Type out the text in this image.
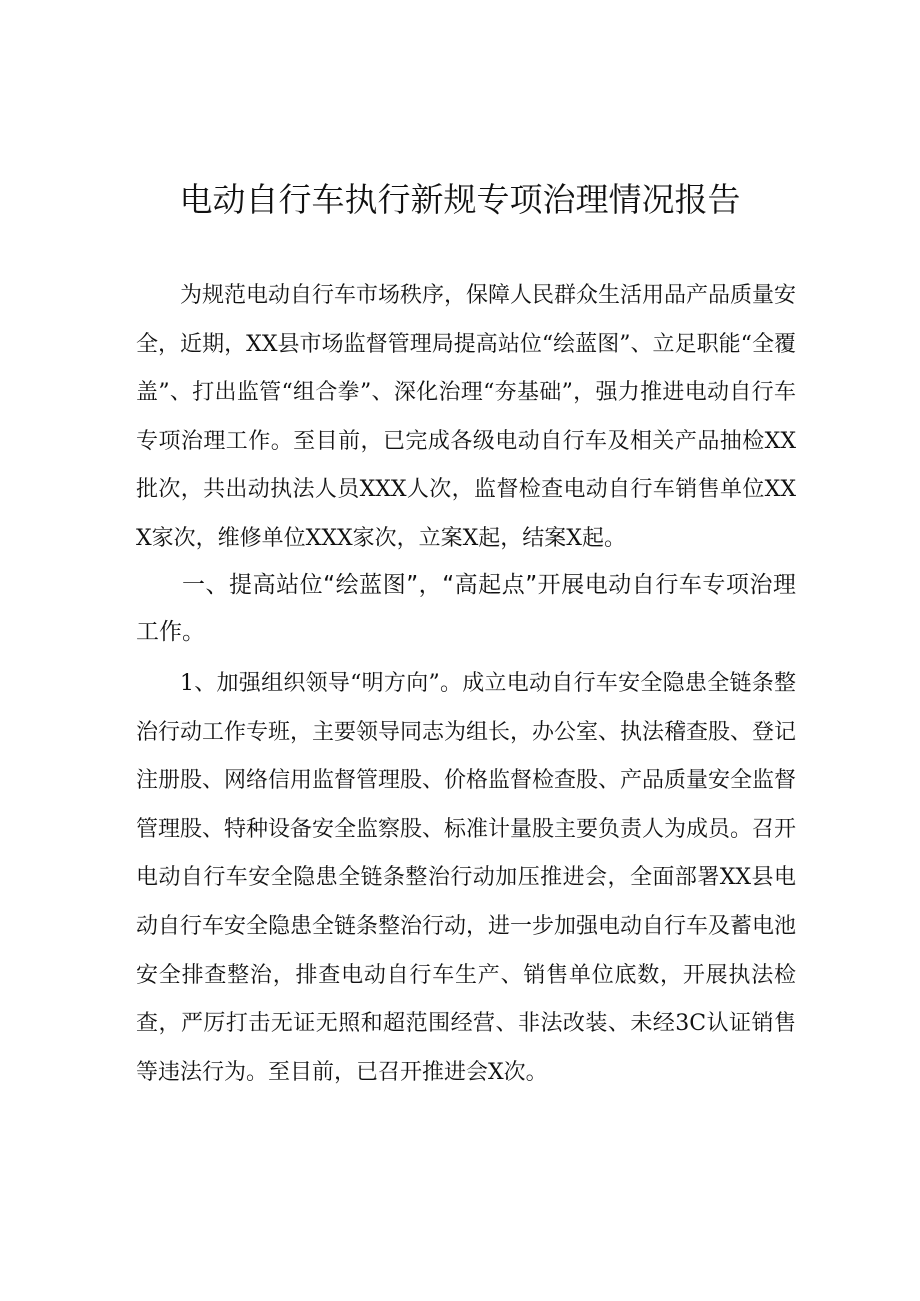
电动自行车执行新规专项治理情况报告

为规范电动自行车市场秩序，保障人民群众生活用品产品质量安全，近期，XX县市场监督管理局提高站位“绘蓝图”、立足职能“全覆盖”、打出监管“组合拳”、深化治理“夯基础”，强力推进电动自行车专项治理工作。至目前，已完成各级电动自行车及相关产品抽检XX批次，共出动执法人员XXX人次，监督检查电动自行车销售单位XXX家次，维修单位XXX家次，立案X起，结案X起。

一、提高站位“绘蓝图”，“高起点”开展电动自行车专项治理工作。

1、加强组织领导“明方向”。成立电动自行车安全隐患全链条整治行动工作专班，主要领导同志为组长，办公室、执法稽查股、登记注册股、网络信用监督管理股、价格监督检查股、产品质量安全监督管理股、特种设备安全监察股、标准计量股主要负责人为成员。召开电动自行车安全隐患全链条整治行动加压推进会，全面部署XX县电动自行车安全隐患全链条整治行动，进一步加强电动自行车及蓄电池安全排查整治，排查电动自行车生产、销售单位底数，开展执法检查，严厉打击无证无照和超范围经营、非法改装、未经3C认证销售等违法行为。至目前，已召开推进会X次。
